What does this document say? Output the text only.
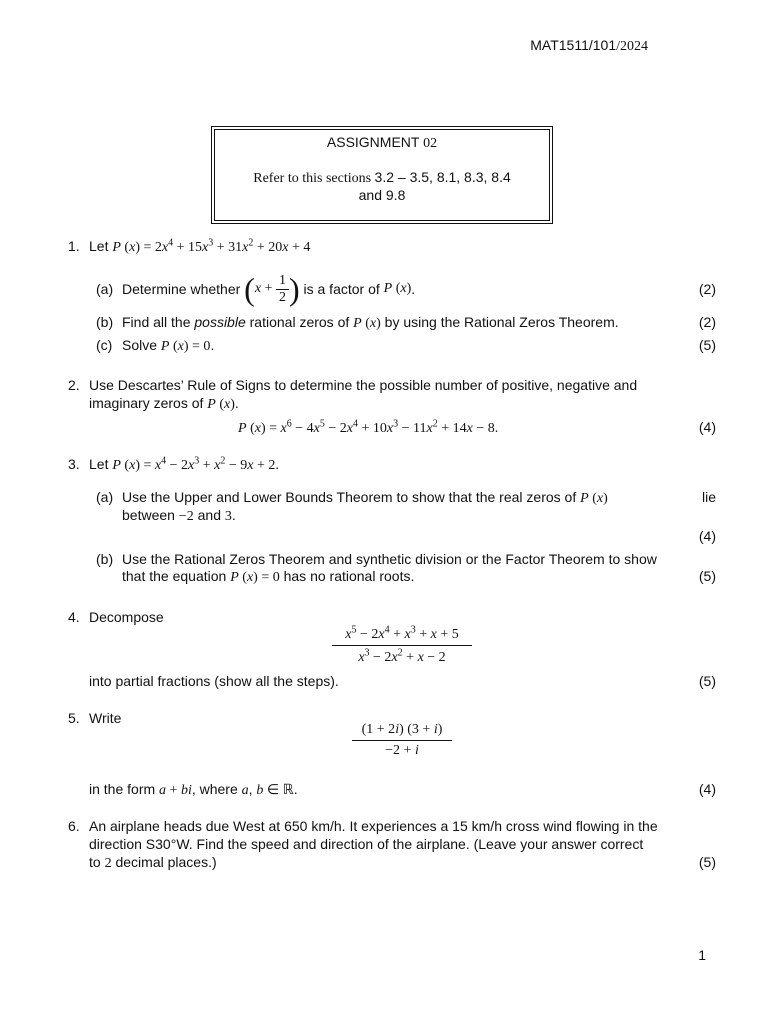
MAT1511/101/2024
ASSIGNMENT 02
Refer to this sections 3.2 – 3.5, 8.1, 8.3, 8.4
and 9.8
1. Let P $(x) = 2x^4 + 15x^3 + 31x^2 + 20x + 4$
(a) Determine whether
( $x + \frac{1}{2}$ )
is a factor of
P ( x ) .	(2)
(b) Find all the possible rational zeros of P (x) by using the Rational Zeros Theorem.	(2)
(c) Solve P (x) = 0.	(5)
2. Use Descartes’ Rule of Signs to determine the possible number of positive, negative and
imaginary zeros of P (x).
P $(x) = x^6 - 4x^5 - 2x^4 + 10x^3 - 11x^2 + 14x - 8$.	(4)
3. Let P $(x) = x^4 - 2x^3 + x^2 - 9x + 2$.
(a) Use the Upper and Lower Bounds Theorem to show that the real zeros of P (x)	lie
between −2 and 3.
(4)
(b) Use the Rational Zeros Theorem and synthetic division or the Factor Theorem to show
that the equation P (x) = 0 has no rational roots.	(5)
4. Decompose
$x^5 - 2x^4 + x^3 + x + 5$
$x^3 - 2x^2 + x - 2$
into partial fractions (show all the steps).	(5)
5. Write
(1 + 2i) (3 + i)
−2 + i
in the form a + bi, where a, b ∈ ℝ.	(4)
6. An airplane heads due West at 650 km/h. It experiences a 15 km/h cross wind flowing in the
direction S30°W. Find the speed and direction of the airplane. (Leave your answer correct
to 2 decimal places.)	(5)
1
